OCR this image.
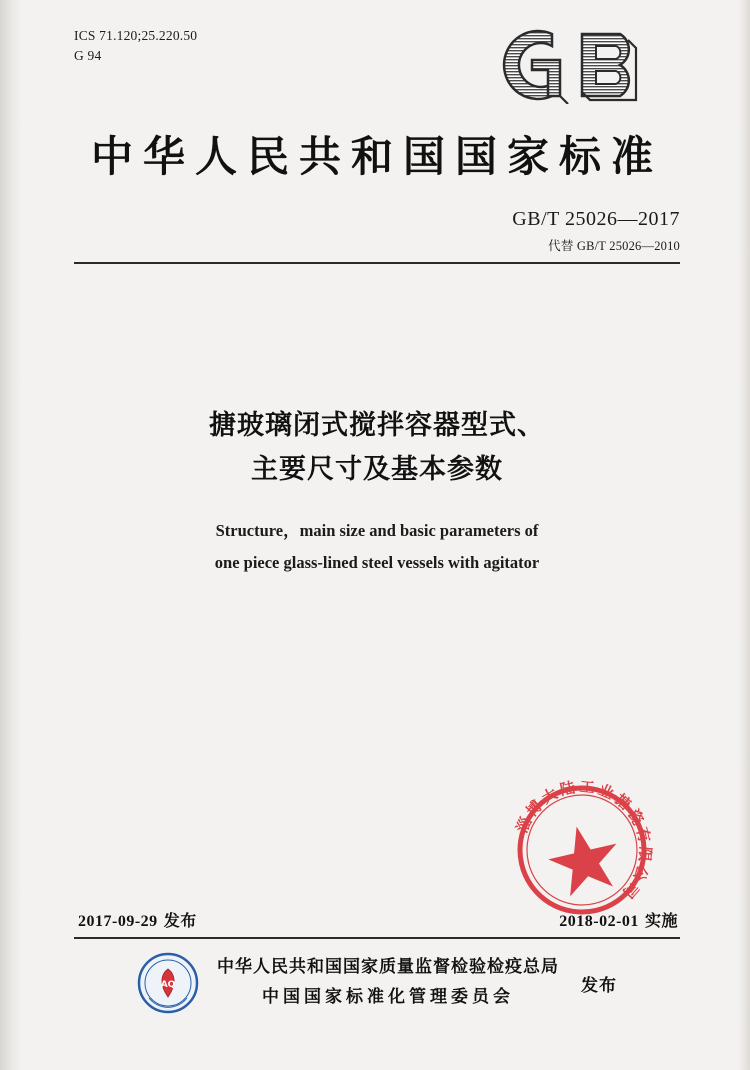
ICS 71.120;25.220.50
G 94
中华人民共和国国家标准
GB/T 25026—2017
代替 GB/T 25026—2010
搪玻璃闭式搅拌容器型式、
主要尺寸及基本参数
Structure，main size and basic parameters of
one piece glass-lined steel vessels with agitator
淄博大陆工业搪瓷有限公司
2017-09-29 发布	2018-02-01 实施
AQ
中华人民共和国国家质量监督检验检疫总局
中国国家标准化管理委员会
发布
